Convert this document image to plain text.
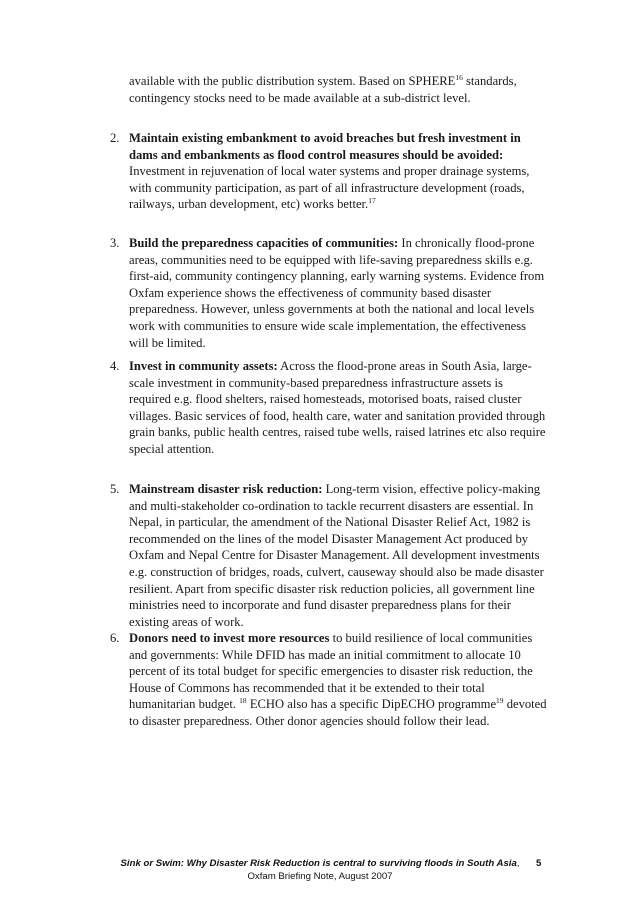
available with the public distribution system. Based on SPHERE$^{16}$ standards, contingency stocks need to be made available at a sub-district level.

2. Maintain existing embankment to avoid breaches but fresh investment in dams and embankments as flood control measures should be avoided: Investment in rejuvenation of local water systems and proper drainage systems, with community participation, as part of all infrastructure development (roads, railways, urban development, etc) works better.$^{17}$
3. Build the preparedness capacities of communities: In chronically flood-prone areas, communities need to be equipped with life-saving preparedness skills e.g. first-aid, community contingency planning, early warning systems. Evidence from Oxfam experience shows the effectiveness of community based disaster preparedness. However, unless governments at both the national and local levels work with communities to ensure wide scale implementation, the effectiveness will be limited.
4. Invest in community assets: Across the flood-prone areas in South Asia, large-scale investment in community-based preparedness infrastructure assets is required e.g. flood shelters, raised homesteads, motorised boats, raised cluster villages. Basic services of food, health care, water and sanitation provided through grain banks, public health centres, raised tube wells, raised latrines etc also require special attention.
5. Mainstream disaster risk reduction: Long-term vision, effective policy-making and multi-stakeholder co-ordination to tackle recurrent disasters are essential. In Nepal, in particular, the amendment of the National Disaster Relief Act, 1982 is recommended on the lines of the model Disaster Management Act produced by Oxfam and Nepal Centre for Disaster Management. All development investments e.g. construction of bridges, roads, culvert, causeway should also be made disaster resilient. Apart from specific disaster risk reduction policies, all government line ministries need to incorporate and fund disaster preparedness plans for their existing areas of work.
6. Donors need to invest more resources to build resilience of local communities and governments: While DFID has made an initial commitment to allocate 10 percent of its total budget for specific emergencies to disaster risk reduction, the House of Commons has recommended that it be extended to their total humanitarian budget. $^{18}$ ECHO also has a specific DipECHO programme$^{19}$ devoted to disaster preparedness. Other donor agencies should follow their lead.
Sink or Swim: Why Disaster Risk Reduction is central to surviving floods in South Asia, Oxfam Briefing Note, August 2007
5
